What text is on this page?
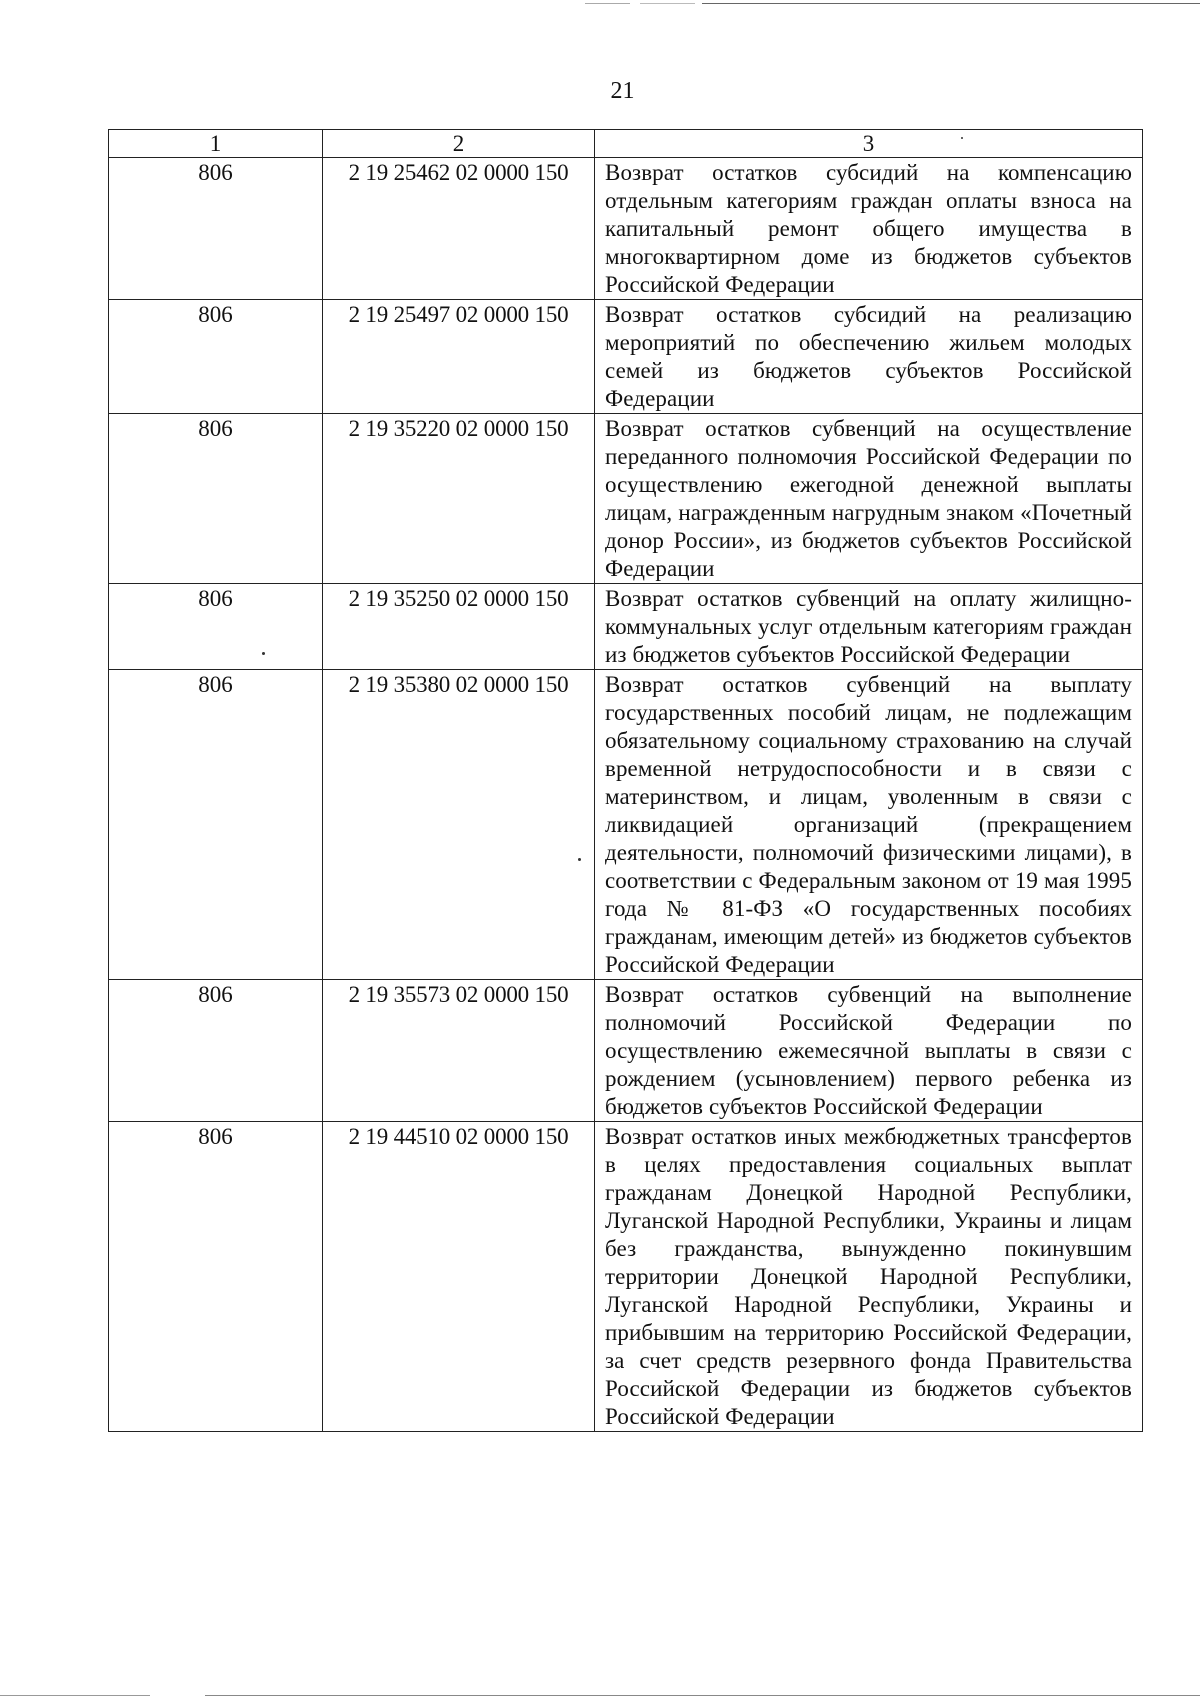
21
1	2	3
806	2 19 25462 02 0000 150	Возврат остатков субсидий на компенсацию отдельным категориям граждан оплаты взноса на капитальный ремонт общего имущества в многоквартирном доме из бюджетов субъектов Российской Федерации

806	2 19 25497 02 0000 150	Возврат остатков субсидий на реализацию мероприятий по обеспечению жильем молодых семей из бюджетов субъектов Российской Федерации

806	2 19 35220 02 0000 150	Возврат остатков субвенций на осуществление переданного полномочия Российской Федерации по осуществлению ежегодной денежной выплаты лицам, награжденным нагрудным знаком «Почетный донор России», из бюджетов субъектов Российской Федерации

806	2 19 35250 02 0000 150	Возврат остатков субвенций на оплату жилищно-коммунальных услуг отдельным категориям граждан из бюджетов субъектов Российской Федерации

806	2 19 35380 02 0000 150	Возврат остатков субвенций на выплату государственных пособий лицам, не подлежащим обязательному социальному страхованию на случай временной нетрудоспособности и в связи с материнством, и лицам, уволенным в связи с ликвидацией организаций (прекращением деятельности, полномочий физическими лицами), в соответствии с Федеральным законом от 19 мая 1995 года № 81-ФЗ «О государственных пособиях гражданам, имеющим детей» из бюджетов субъектов Российской Федерации

806	2 19 35573 02 0000 150	Возврат остатков субвенций на выполнение полномочий Российской Федерации по осуществлению ежемесячной выплаты в связи с рождением (усыновлением) первого ребенка из бюджетов субъектов Российской Федерации

806	2 19 44510 02 0000 150	Возврат остатков иных межбюджетных трансфертов в целях предоставления социальных выплат гражданам Донецкой Народной Республики, Луганской Народной Республики, Украины и лицам без гражданства, вынужденно покинувшим территории Донецкой Народной Республики, Луганской Народной Республики, Украины и прибывшим на территорию Российской Федерации, за счет средств резервного фонда Правительства Российской Федерации из бюджетов субъектов Российской Федерации
